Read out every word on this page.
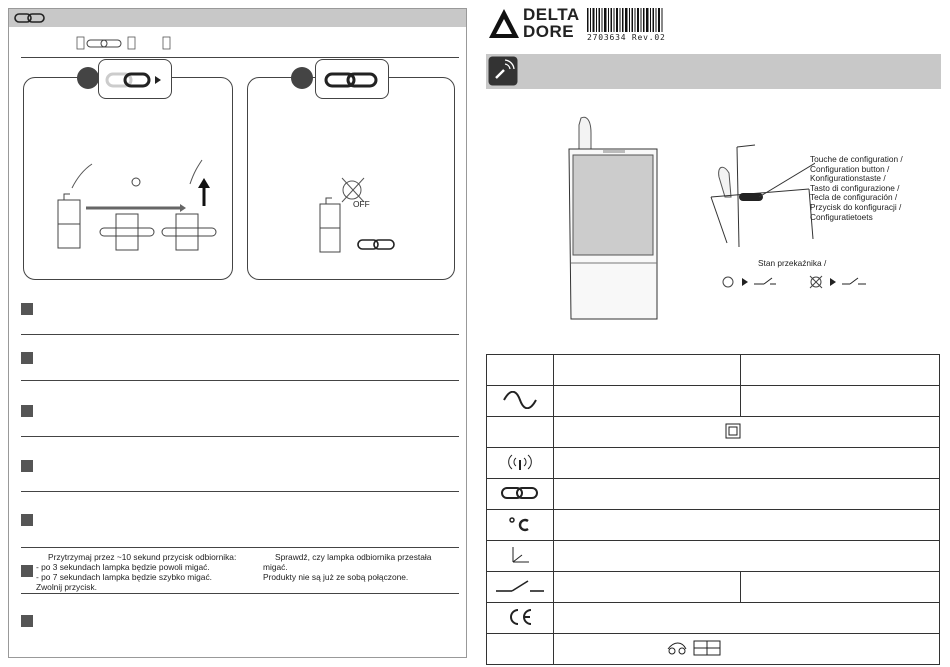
OFF
Przytrzymaj przez ~10 sekund przycisk odbiornika:
- po 3 sekundach lampka będzie powoli migać.
- po 7 sekundach lampka będzie szybko migać.
Zwolnij przycisk.
Sprawdź, czy lampka odbiornika przestała
migać.
Produkty nie są już ze sobą połączone.
DELTA
DORE	2703634 Rev.02
Touche de configuration /
Configuration button /
Konfigurationstaste /
Tasto di configurazione /
Tecla de configuración /
Przycisk do konfiguracji /
Configuratietoets
Stan przekaźnika /
